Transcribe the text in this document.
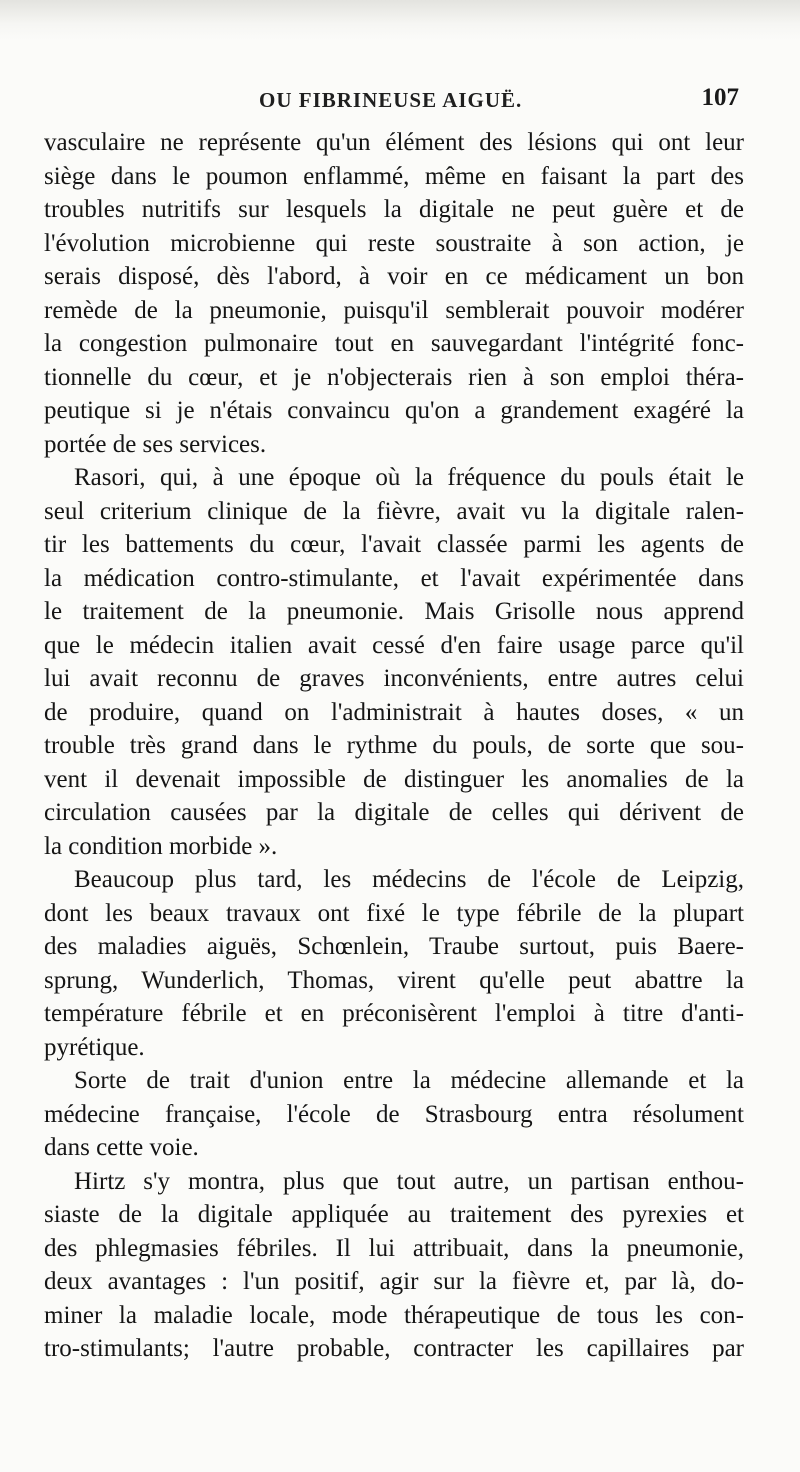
OU FIBRINEUSE AIGUË.	107
vasculaire ne représente qu'un élément des lésions qui ont leur
siège dans le poumon enflammé, même en faisant la part des
troubles nutritifs sur lesquels la digitale ne peut guère et de
l'évolution microbienne qui reste soustraite à son action, je
serais disposé, dès l'abord, à voir en ce médicament un bon
remède de la pneumonie, puisqu'il semblerait pouvoir modérer
la congestion pulmonaire tout en sauvegardant l'intégrité fonc-
tionnelle du cœur, et je n'objecterais rien à son emploi théra-
peutique si je n'étais convaincu qu'on a grandement exagéré la
portée de ses services.
Rasori, qui, à une époque où la fréquence du pouls était le
seul criterium clinique de la fièvre, avait vu la digitale ralen-
tir les battements du cœur, l'avait classée parmi les agents de
la médication contro-stimulante, et l'avait expérimentée dans
le traitement de la pneumonie. Mais Grisolle nous apprend
que le médecin italien avait cessé d'en faire usage parce qu'il
lui avait reconnu de graves inconvénients, entre autres celui
de produire, quand on l'administrait à hautes doses, « un
trouble très grand dans le rythme du pouls, de sorte que sou-
vent il devenait impossible de distinguer les anomalies de la
circulation causées par la digitale de celles qui dérivent de
la condition morbide ».
Beaucoup plus tard, les médecins de l'école de Leipzig,
dont les beaux travaux ont fixé le type fébrile de la plupart
des maladies aiguës, Schœnlein, Traube surtout, puis Baere-
sprung, Wunderlich, Thomas, virent qu'elle peut abattre la
température fébrile et en préconisèrent l'emploi à titre d'anti-
pyrétique.
Sorte de trait d'union entre la médecine allemande et la
médecine française, l'école de Strasbourg entra résolument
dans cette voie.
Hirtz s'y montra, plus que tout autre, un partisan enthou-
siaste de la digitale appliquée au traitement des pyrexies et
des phlegmasies fébriles. Il lui attribuait, dans la pneumonie,
deux avantages : l'un positif, agir sur la fièvre et, par là, do-
miner la maladie locale, mode thérapeutique de tous les con-
tro-stimulants; l'autre probable, contracter les capillaires par
